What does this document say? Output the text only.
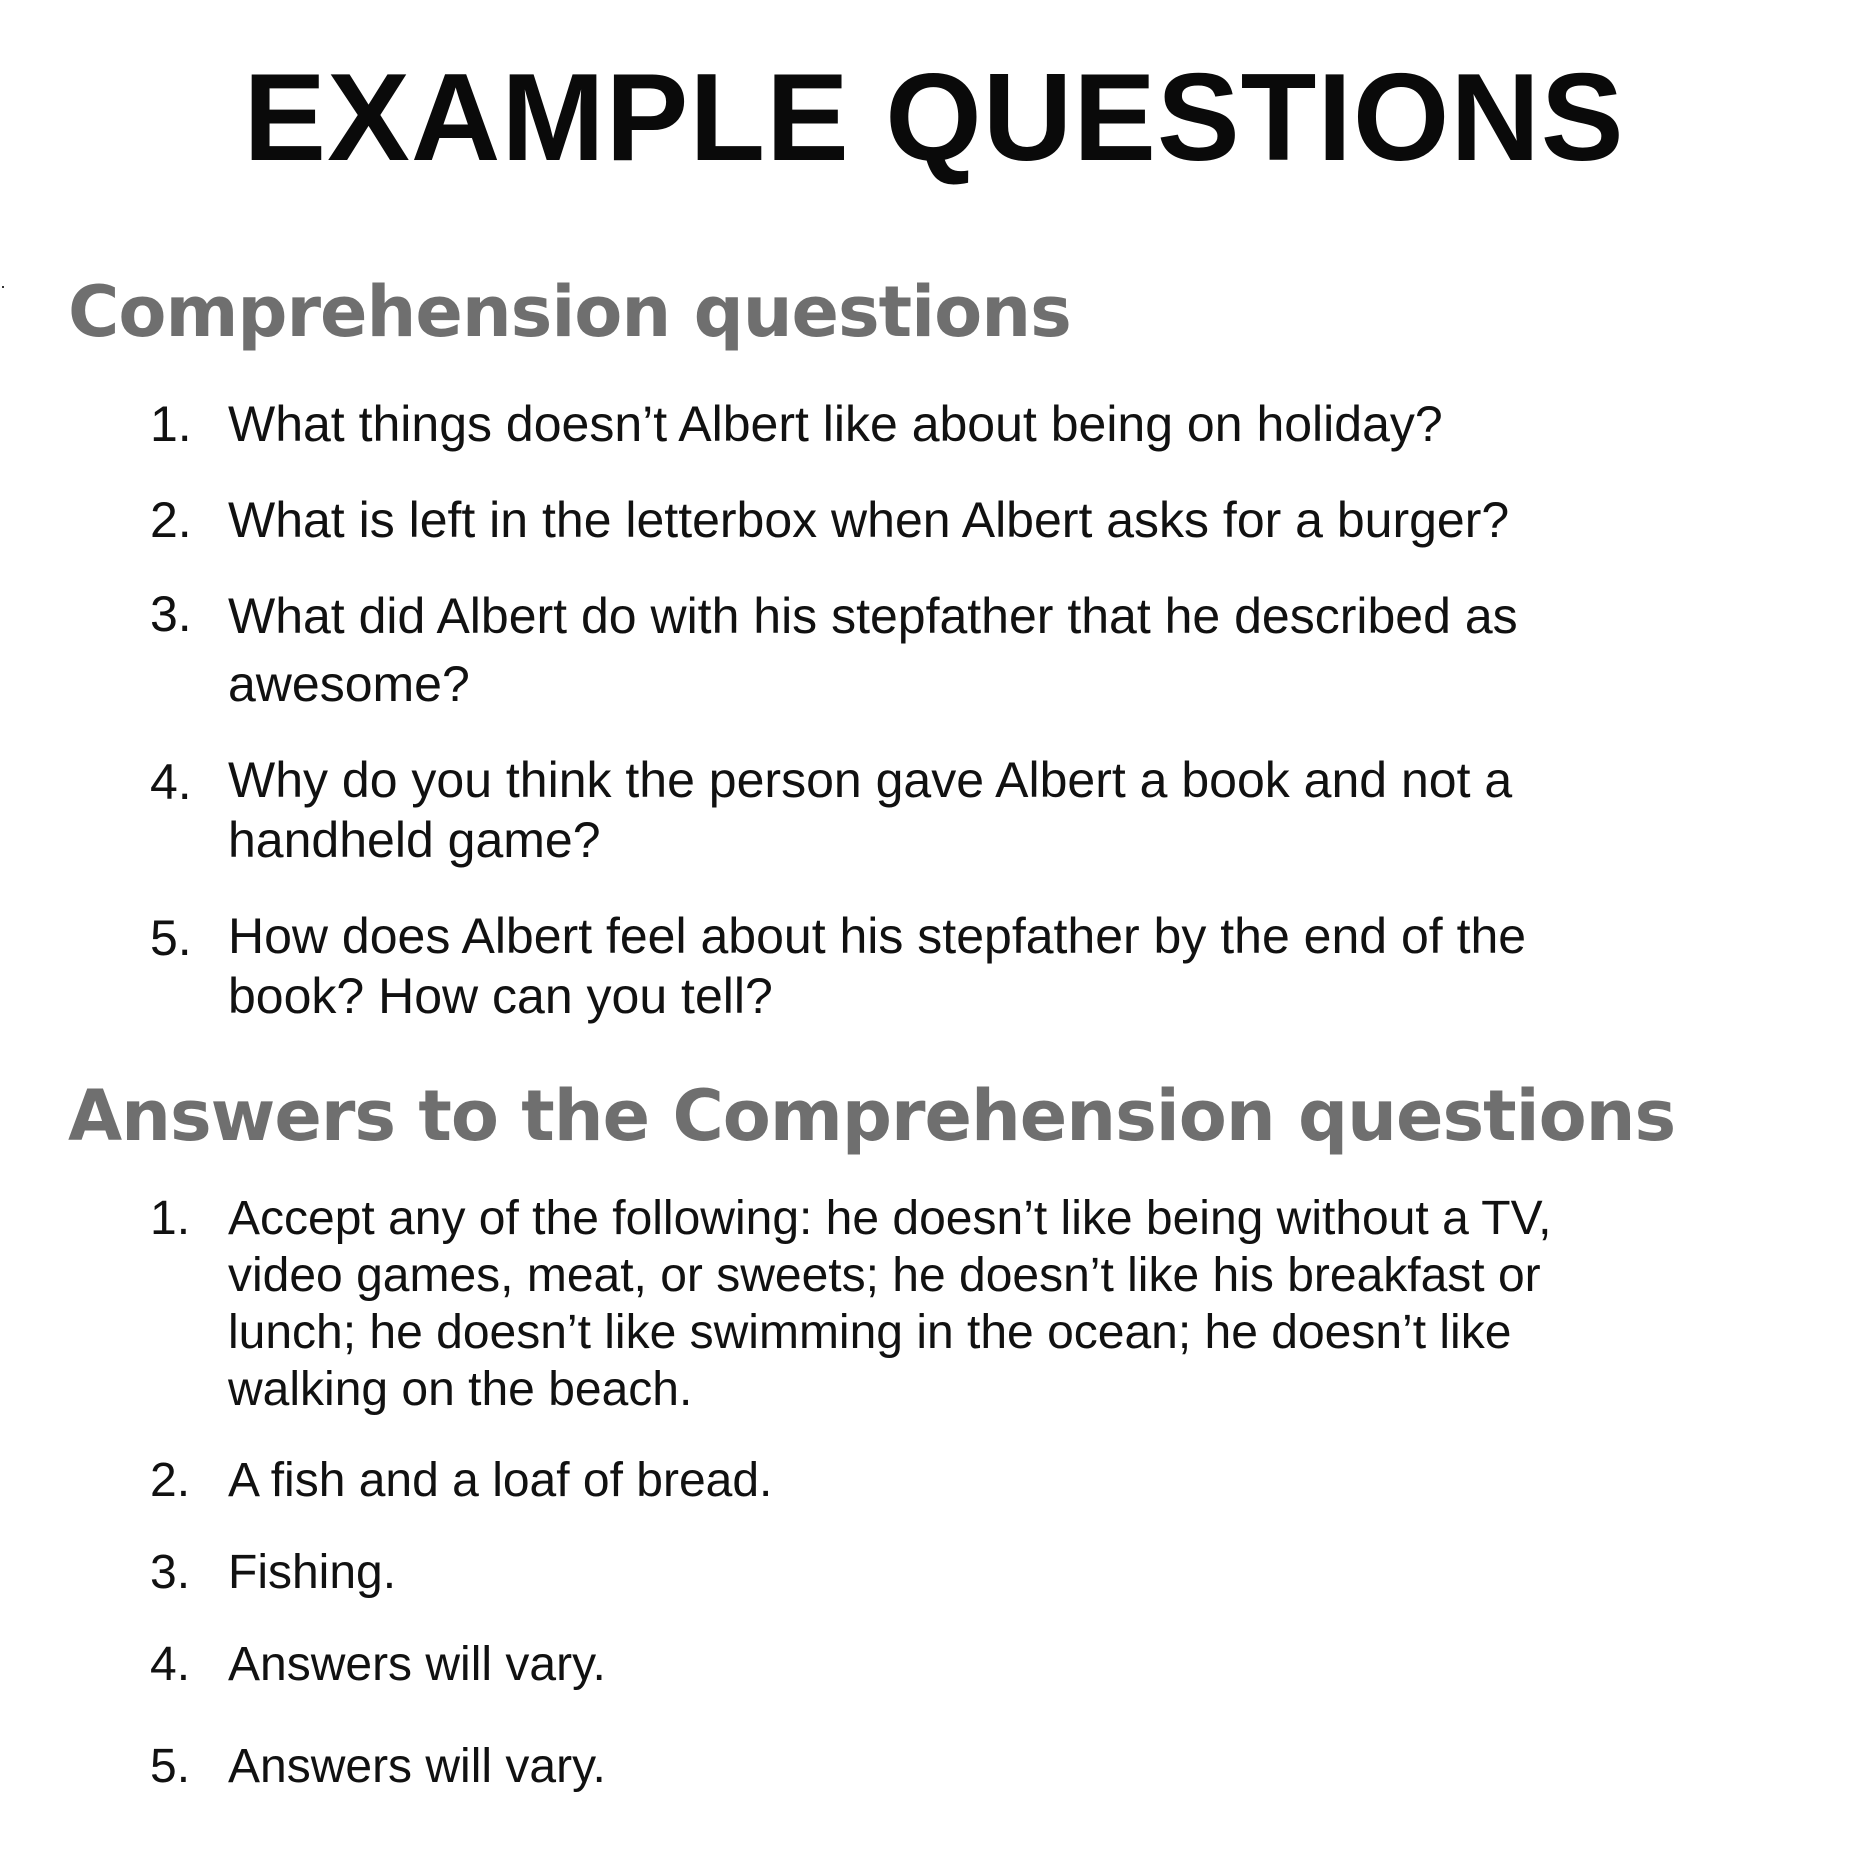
EXAMPLE QUESTIONS
Comprehension questions
1. What things doesn’t Albert like about being on holiday?
2. What is left in the letterbox when Albert asks for a burger?
3. What did Albert do with his stepfather that he described as awesome?
4. Why do you think the person gave Albert a book and not a handheld game?
5. How does Albert feel about his stepfather by the end of the book? How can you tell?
Answers to the Comprehension questions
1. Accept any of the following: he doesn’t like being without a TV, video games, meat, or sweets; he doesn’t like his breakfast or lunch; he doesn’t like swimming in the ocean; he doesn’t like walking on the beach.
2. A fish and a loaf of bread.
3. Fishing.
4. Answers will vary.
5. Answers will vary.
